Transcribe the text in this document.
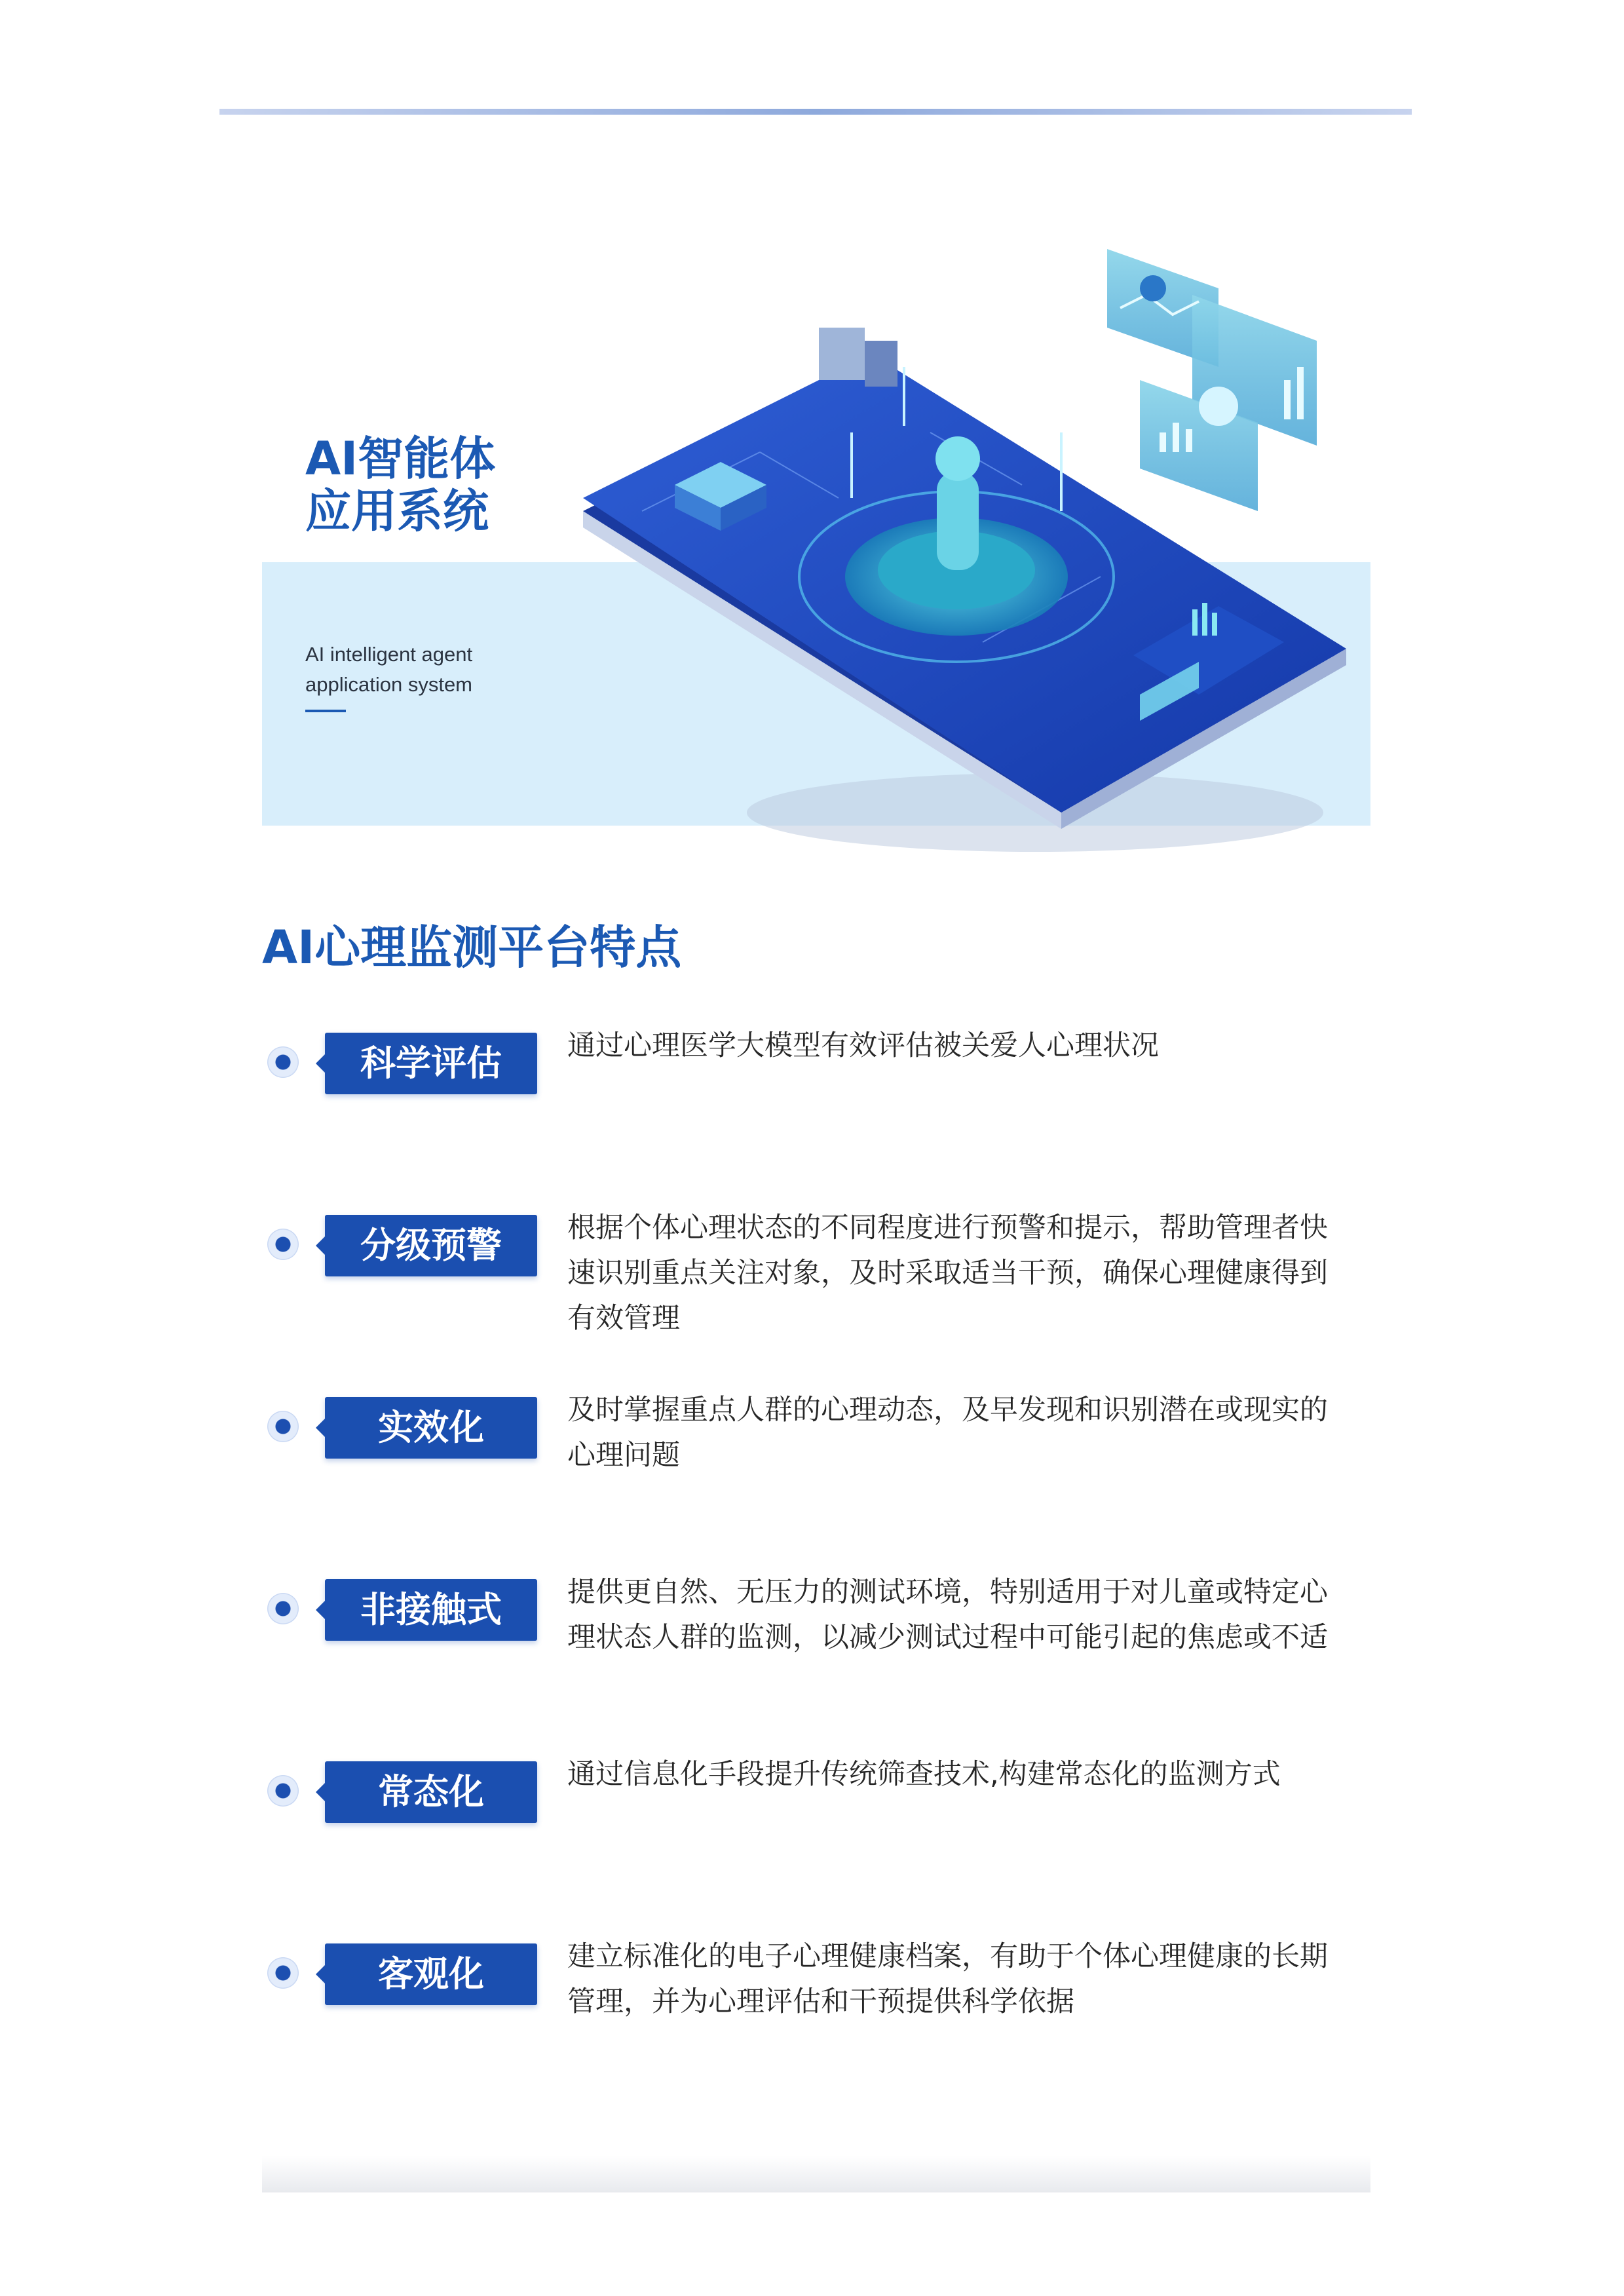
AI智能体
应用系统
AI intelligent agent
application system
AI心理监测平台特点
科学评估	通过心理医学大模型有效评估被关爱人心理状况
分级预警	根据个体心理状态的不同程度进行预警和提示，帮助管理者快速识别重点关注对象，及时采取适当干预，确保心理健康得到有效管理
实效化	及时掌握重点人群的心理动态，及早发现和识别潜在或现实的心理问题
非接触式	提供更自然、无压力的测试环境，特别适用于对儿童或特定心理状态人群的监测，以减少测试过程中可能引起的焦虑或不适
常态化	通过信息化手段提升传统筛查技术,构建常态化的监测方式
客观化	建立标准化的电子心理健康档案，有助于个体心理健康的长期管理，并为心理评估和干预提供科学依据
